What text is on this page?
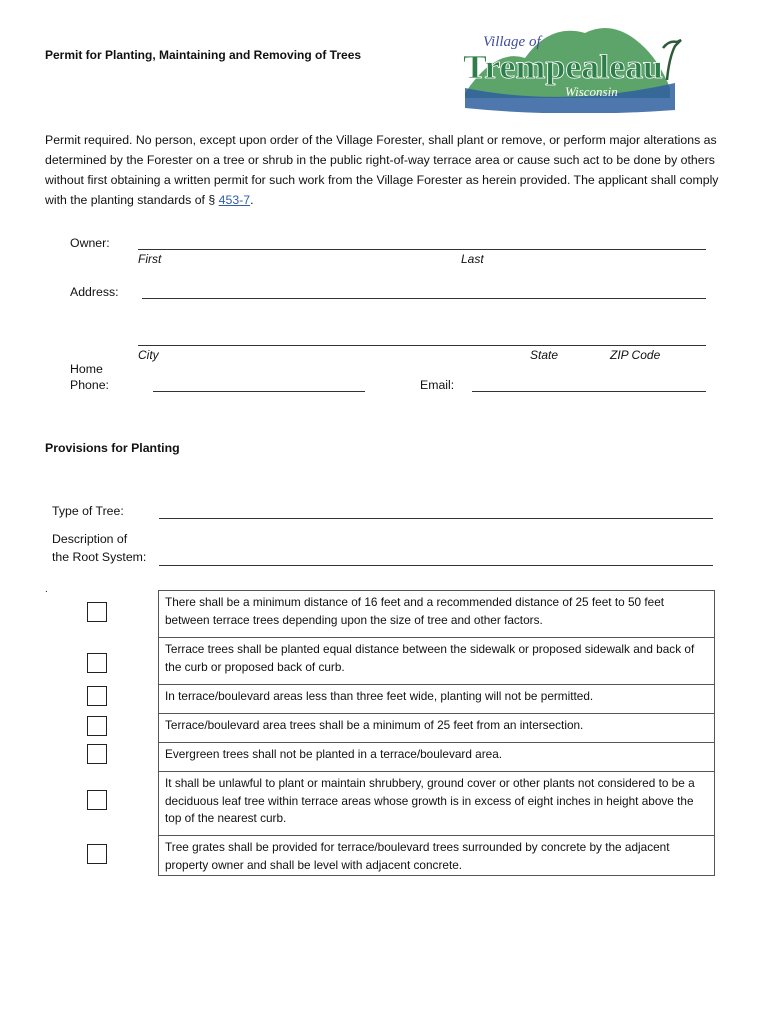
Permit for Planting, Maintaining and Removing of Trees
Village of
Trempealeau
Wisconsin
Permit required. No person, except upon order of the Village Forester, shall plant or remove, or perform major alterations as determined by the Forester on a tree or shrub in the public right-of-way terrace area or cause such act to be done by others without first obtaining a written permit for such work from the Village Forester as herein provided. The applicant shall comply with the planting standards of § 453-7.
Owner:
First	Last
Address:
City	State	ZIP Code
Home
Phone:	Email:
Provisions for Planting
Type of Tree:
Description of
the Root System:
.
There shall be a minimum distance of 16 feet and a recommended distance of 25 feet to 50 feet between terrace trees depending upon the size of tree and other factors.
Terrace trees shall be planted equal distance between the sidewalk or proposed sidewalk and back of the curb or proposed back of curb.
In terrace/boulevard areas less than three feet wide, planting will not be permitted.
Terrace/boulevard area trees shall be a minimum of 25 feet from an intersection.
Evergreen trees shall not be planted in a terrace/boulevard area.
It shall be unlawful to plant or maintain shrubbery, ground cover or other plants not considered to be a deciduous leaf tree within terrace areas whose growth is in excess of eight inches in height above the top of the nearest curb.
Tree grates shall be provided for terrace/boulevard trees surrounded by concrete by the adjacent property owner and shall be level with adjacent concrete.
